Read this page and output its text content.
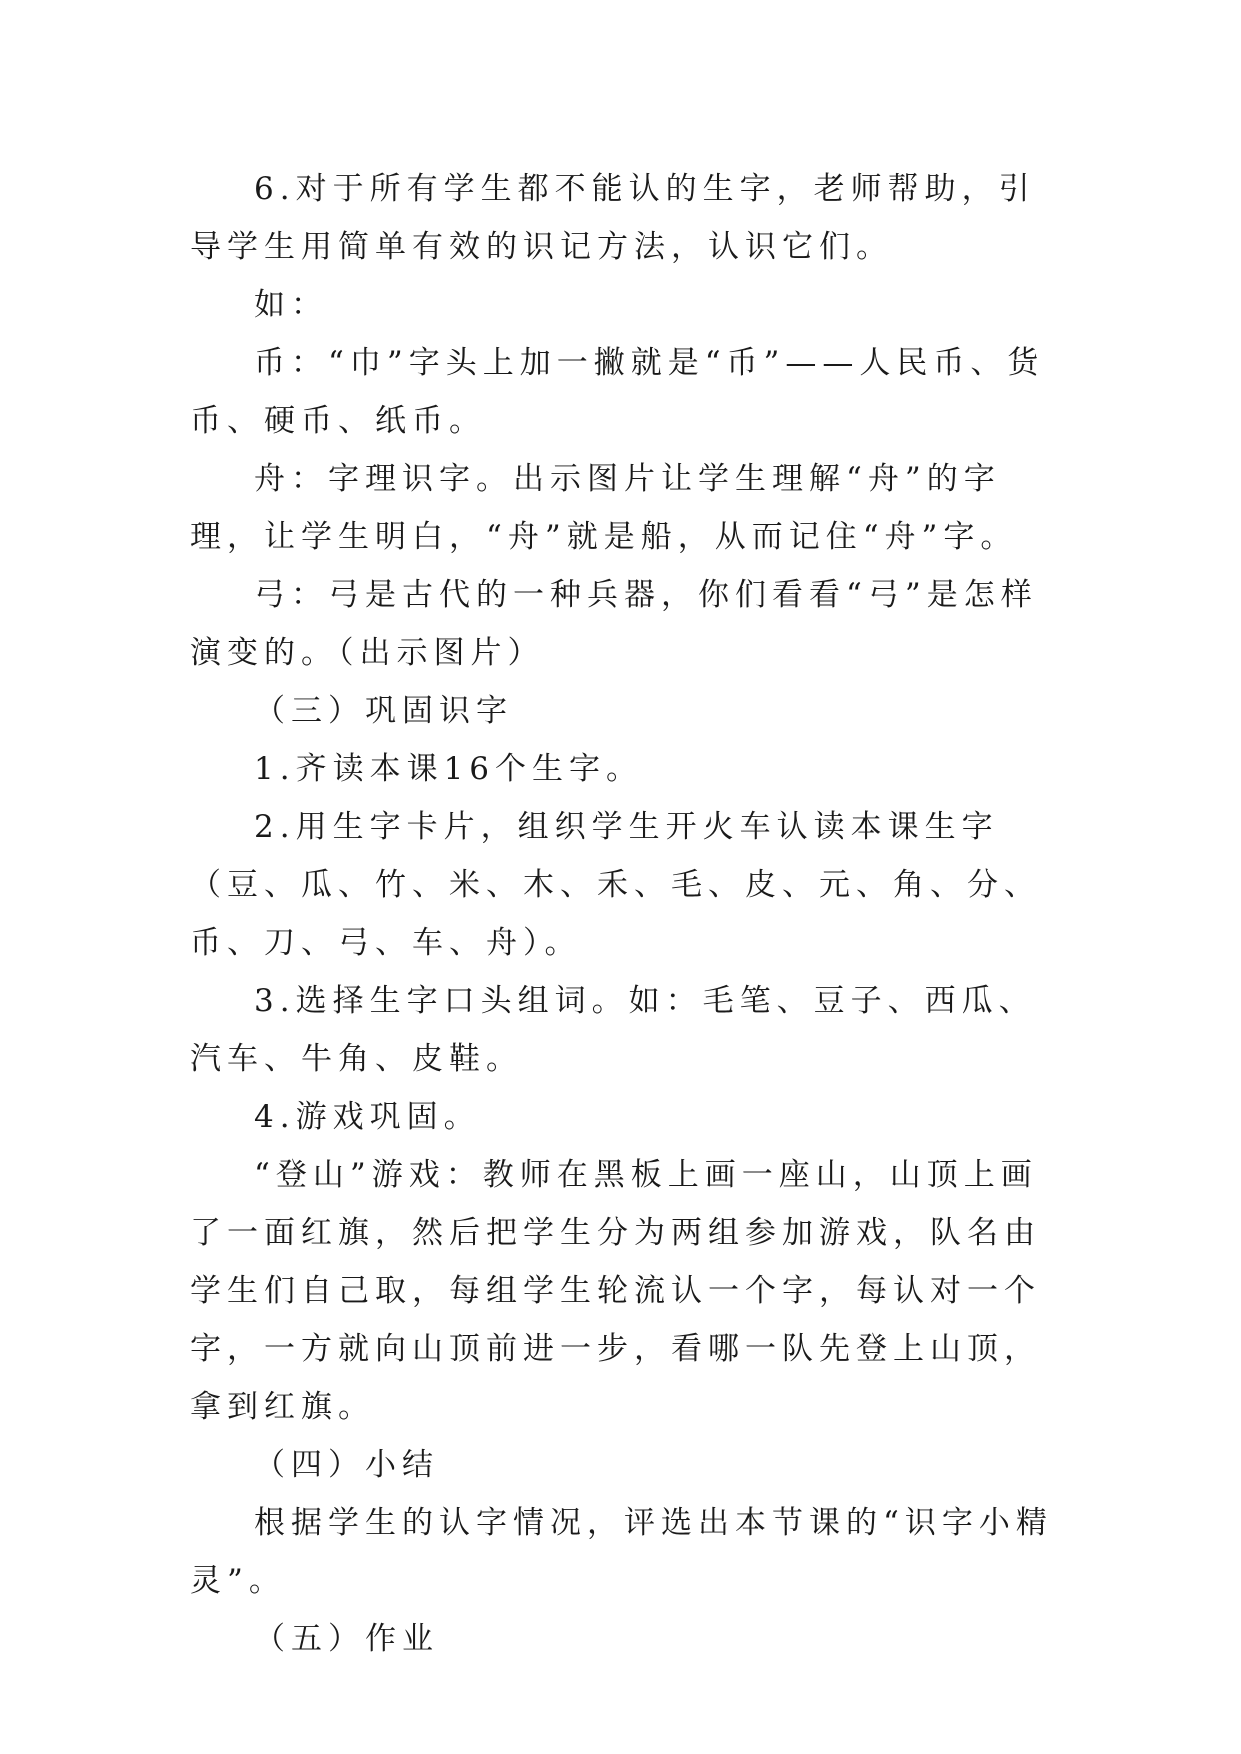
6.对于所有学生都不能认的生字，老师帮助，引导学生用简单有效的识记方法，认识它们。

如：

币：“巾”字头上加一撇就是“币”——人民币、货币、硬币、纸币。

舟：字理识字。出示图片让学生理解“舟”的字理，让学生明白，“舟”就是船，从而记住“舟”字。

弓：弓是古代的一种兵器，你们看看“弓”是怎样演变的。（出示图片）

（三）巩固识字

1.齐读本课16个生字。

2.用生字卡片，组织学生开火车认读本课生字（豆、瓜、竹、米、木、禾、毛、皮、元、角、分、币、刀、弓、车、舟）。

3.选择生字口头组词。如：毛笔、豆子、西瓜、汽车、牛角、皮鞋。

4.游戏巩固。

“登山”游戏：教师在黑板上画一座山，山顶上画了一面红旗，然后把学生分为两组参加游戏，队名由学生们自己取，每组学生轮流认一个字，每认对一个字，一方就向山顶前进一步，看哪一队先登上山顶，拿到红旗。

（四）小结

根据学生的认字情况，评选出本节课的“识字小精灵”。

（五）作业
